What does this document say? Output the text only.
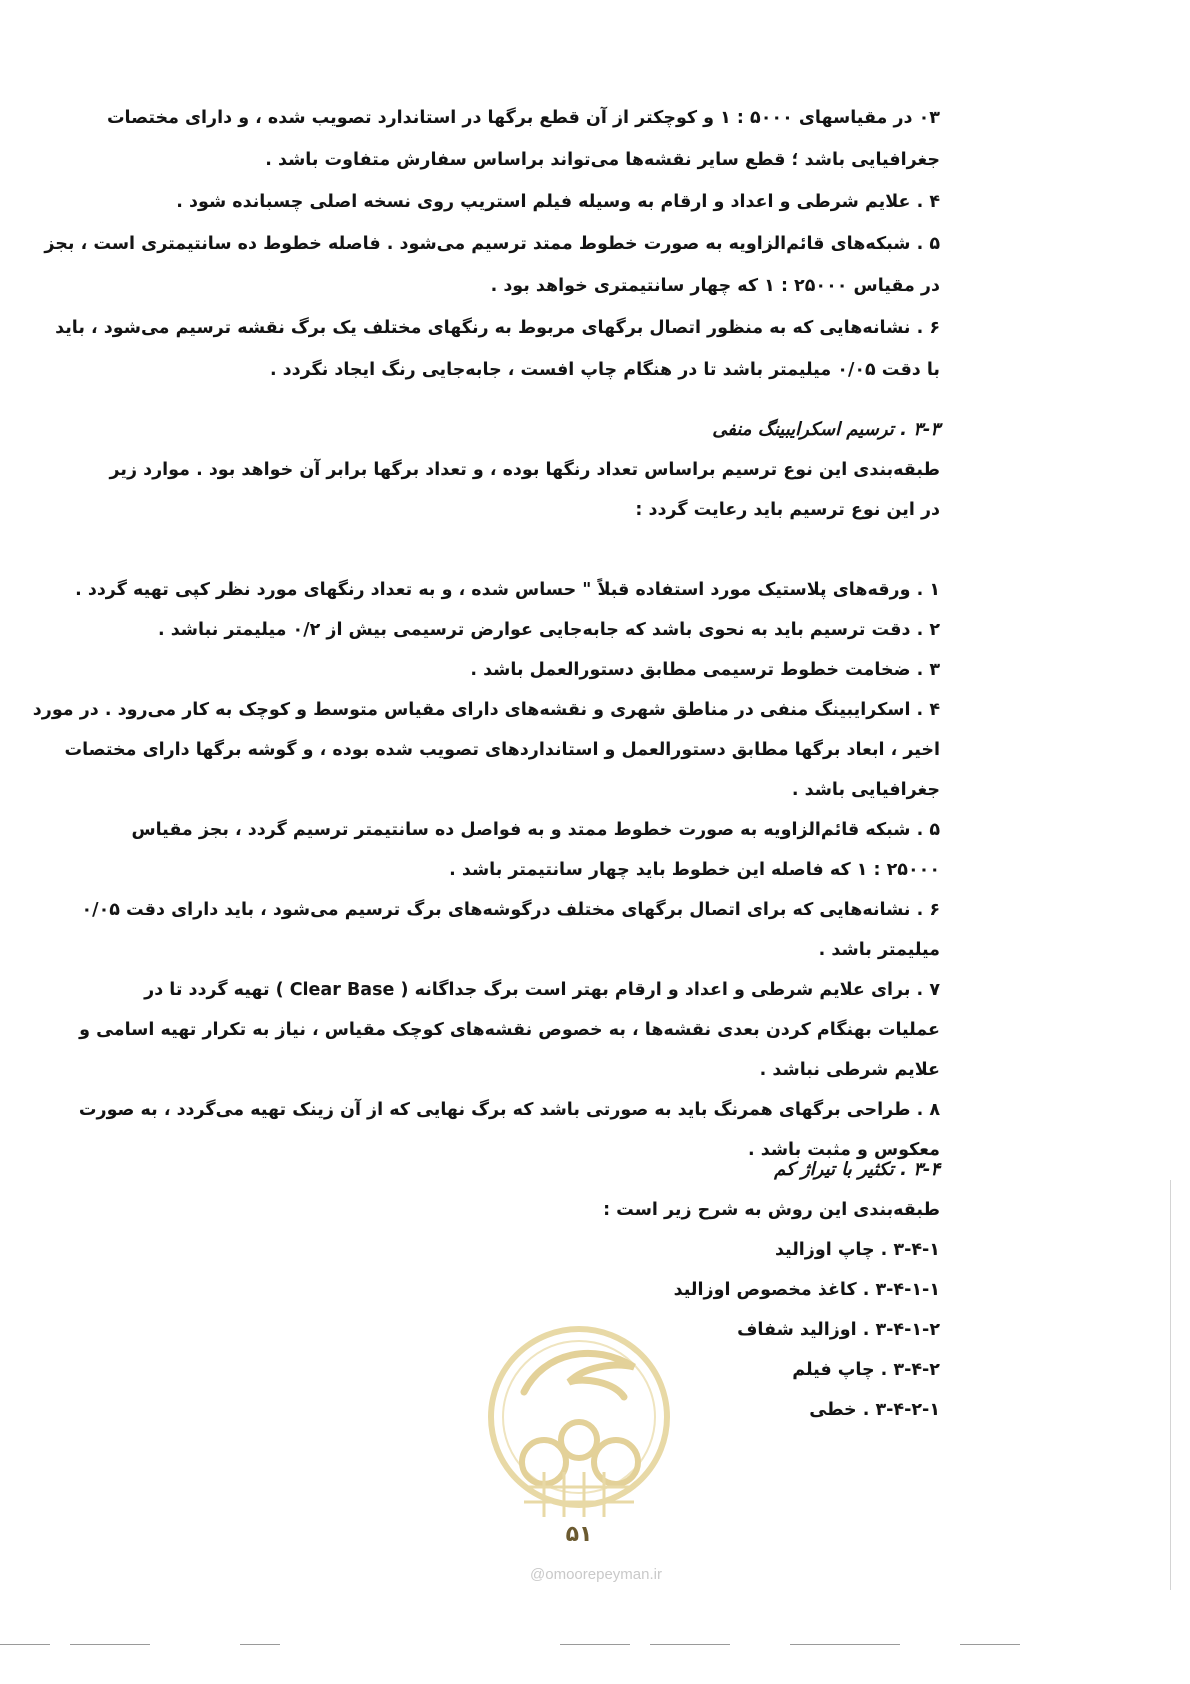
۰۳ در مقیاسهای ۵۰۰۰ : ۱ و کوچکتر از آن قطع برگها در استاندارد تصویب شده ، و دارای مختصات
جغرافیایی باشد ؛ قطع سایر نقشه‌ها می‌تواند براساس سفارش متفاوت باشد .
۴ . علایم شرطی و اعداد و ارقام به وسیله فیلم استریپ روی نسخه اصلی چسبانده شود .
۵ . شبکه‌های قائم‌الزاویه به صورت خطوط ممتد ترسیم می‌شود . فاصله خطوط ده سانتیمتری است ، بجز
در مقیاس ۲۵۰۰۰ : ۱ که چهار سانتیمتری خواهد بود .
۶ . نشانه‌هایی که به منظور اتصال برگهای مربوط به رنگهای مختلف یک برگ نقشه ترسیم می‌شود ، باید
با دقت ۰/۰۵ میلیمتر باشد تا در هنگام چاپ افست ، جابه‌جایی رنگ ایجاد نگردد .
۳-۳ . ترسیم اسکرایبینگ منفی
طبقه‌بندی این نوع ترسیم براساس تعداد رنگها بوده ، و تعداد برگها برابر آن خواهد بود . موارد زیر
در این نوع ترسیم باید رعایت گردد :
۱ . ورقه‌های پلاستیک مورد استفاده قبلاً " حساس شده ، و به تعداد رنگهای مورد نظر کپی تهیه گردد .
۲ . دقت ترسیم باید به نحوی باشد که جابه‌جایی عوارض ترسیمی بیش از ۰/۲ میلیمتر نباشد .
۳ . ضخامت خطوط ترسیمی مطابق دستورالعمل باشد .
۴ . اسکرایبینگ منفی در مناطق شهری و نقشه‌های دارای مقیاس متوسط و کوچک به کار می‌رود . در مورد
اخیر ، ابعاد برگها مطابق دستورالعمل و استانداردهای تصویب شده بوده ، و گوشه برگها دارای مختصات
جغرافیایی باشد .
۵ . شبکه قائم‌الزاویه به صورت خطوط ممتد و به فواصل ده سانتیمتر ترسیم گردد ، بجز مقیاس
۲۵۰۰۰ : ۱ که فاصله این خطوط باید چهار سانتیمتر باشد .
۶ . نشانه‌هایی که برای اتصال برگهای مختلف درگوشه‌های برگ ترسیم می‌شود ، باید دارای دقت ۰/۰۵
میلیمتر باشد .
۷ . برای علایم شرطی و اعداد و ارقام بهتر است برگ جداگانه ( Clear Base ) تهیه گردد تا در
عملیات بهنگام کردن بعدی نقشه‌ها ، به خصوص نقشه‌های کوچک مقیاس ، نیاز به تکرار تهیه اسامی و
علایم شرطی نباشد .
۸ . طراحی برگهای همرنگ باید به صورتی باشد که برگ نهایی که از آن زینک تهیه می‌گردد ، به صورت
معکوس و مثبت باشد .
۳-۴ . تکثیر با تیراژ کم
طبقه‌بندی این روش به شرح زیر است :
۳-۴-۱ . چاپ اوزالید
۳-۴-۱-۱ . کاغذ مخصوص اوزالید
۳-۴-۱-۲ . اوزالید شفاف
۳-۴-۲ . چاپ فیلم
۳-۴-۲-۱ . خطی
۵۱
@omoorepeyman.ir
